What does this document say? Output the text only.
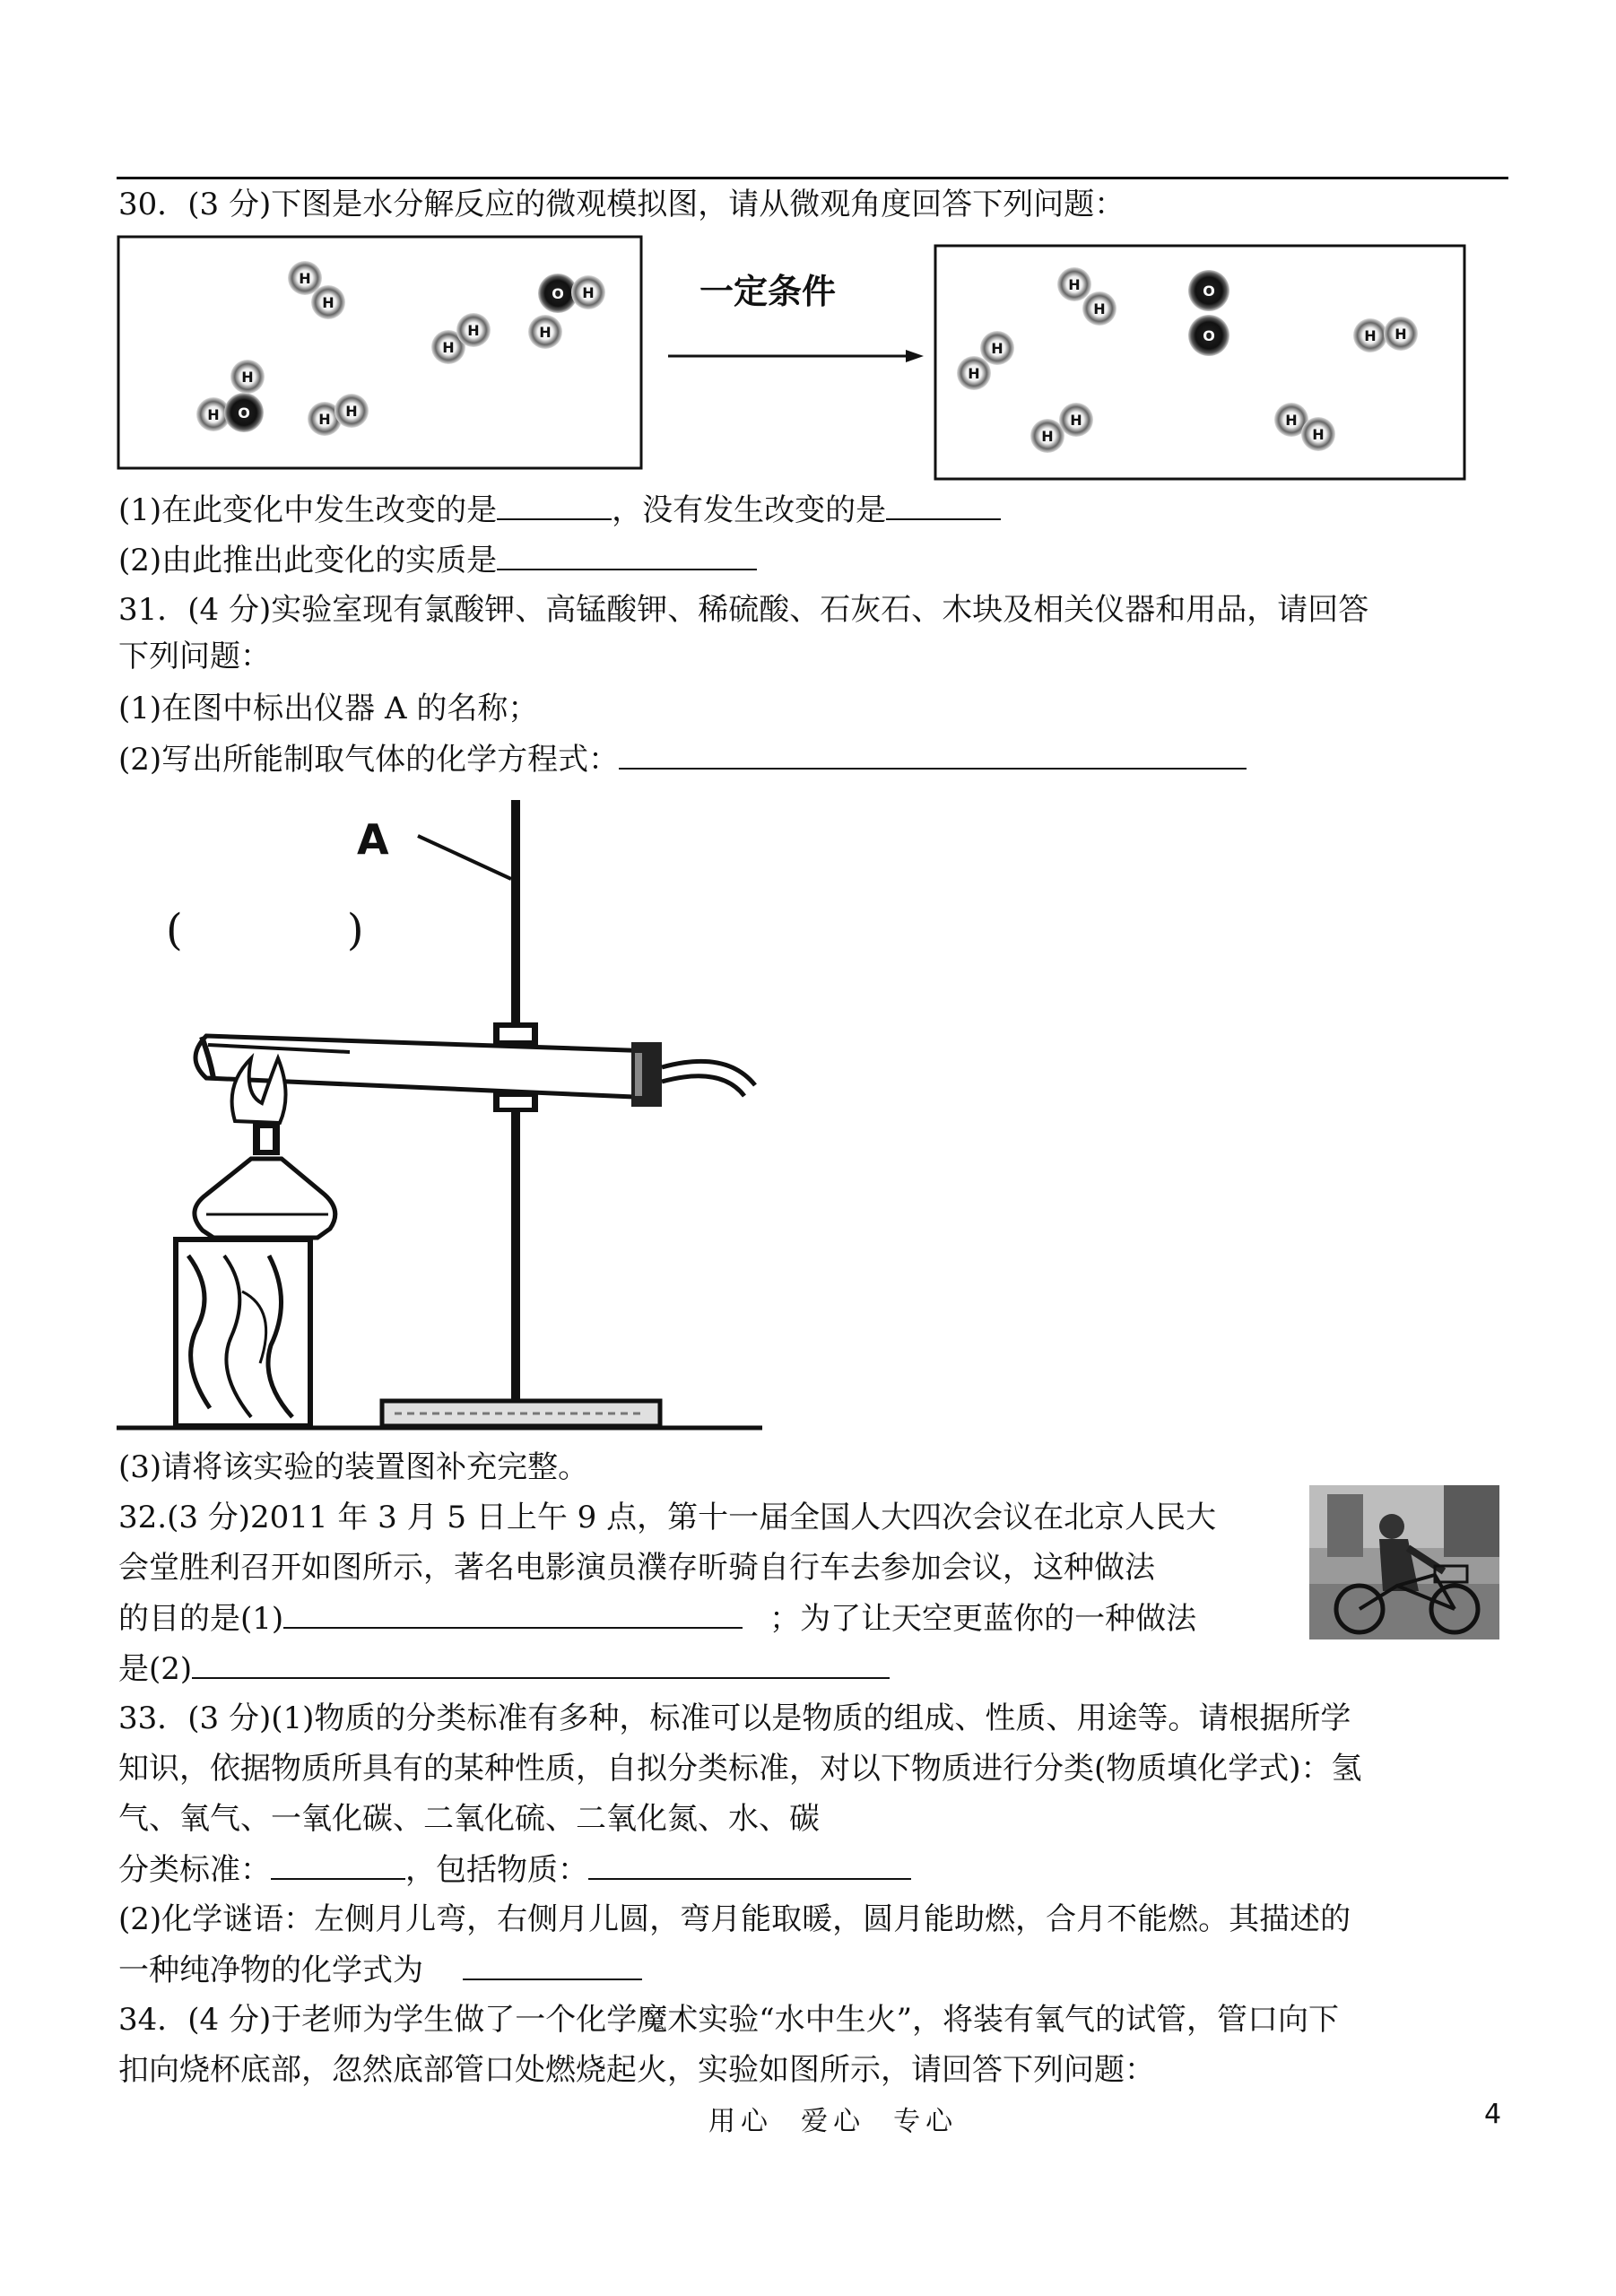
30．(3 分)下图是水分解反应的微观模拟图，请从微观角度回答下列问题：
H
H
H O
H
H H
H
H
O H
H
H
H
O
O
H
H
H
H
H H
H
H
一定条件
(1)在此变化中发生改变的是	，没有发生改变的是
(2)由此推出此变化的实质是
31．(4 分)实验室现有氯酸钾、高锰酸钾、稀硫酸、石灰石、木块及相关仪器和用品，请回答
下列问题：
(1)在图中标出仪器 A 的名称；
(2)写出所能制取气体的化学方程式：
A
(            )
(3)请将该实验的装置图补充完整。
32.(3 分)2011 年 3 月 5 日上午 9 点，第十一届全国人大四次会议在北京人民大
会堂胜利召开如图所示，著名电影演员濮存昕骑自行车去参加会议，这种做法
的目的是(1)	；为了让天空更蓝你的一种做法
是(2)
33．(3 分)(1)物质的分类标准有多种，标准可以是物质的组成、性质、用途等。请根据所学
知识，依据物质所具有的某种性质，自拟分类标准，对以下物质进行分类(物质填化学式)：氢
气、氧气、一氧化碳、二氧化硫、二氧化氮、水、碳
分类标准：	，包括物质：
(2)化学谜语：左侧月儿弯，右侧月儿圆，弯月能取暖，圆月能助燃，合月不能燃。其描述的
一种纯净物的化学式为
34．(4 分)于老师为学生做了一个化学魔术实验“水中生火”，将装有氧气的试管，管口向下
扣向烧杯底部，忽然底部管口处燃烧起火，实验如图所示，请回答下列问题：
用心  爱心  专心	4
